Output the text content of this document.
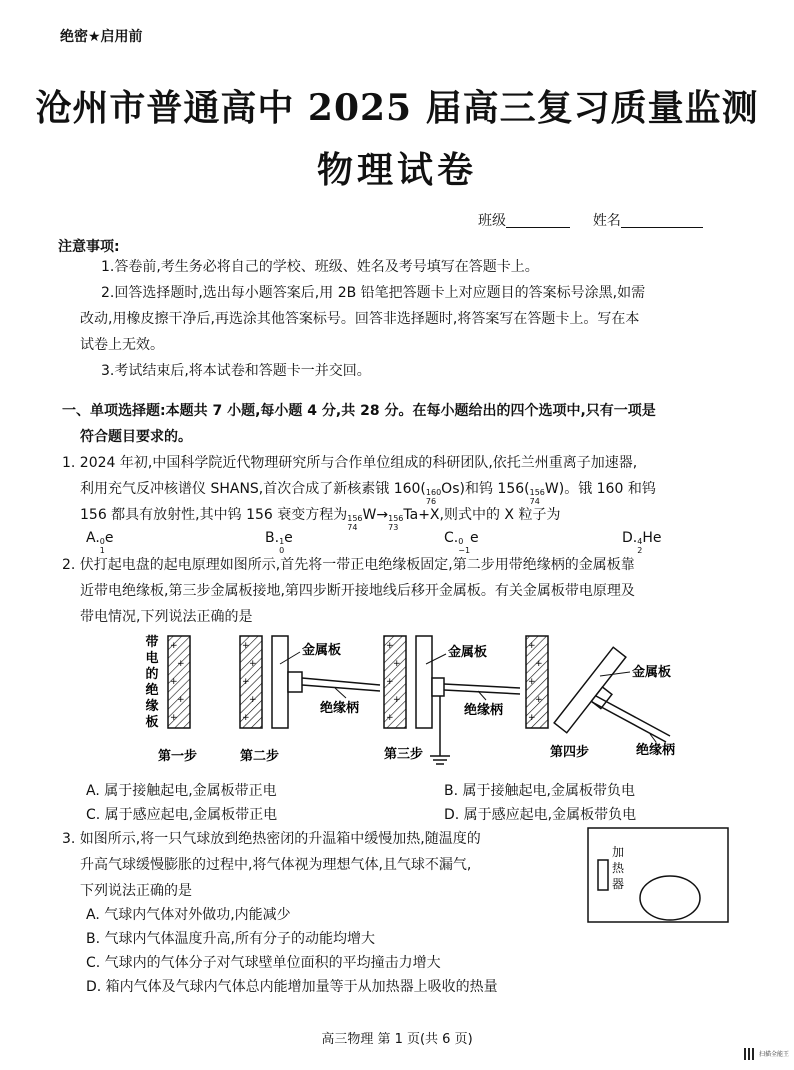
绝密★启用前
沧州市普通高中 2025 届高三复习质量监测
物理试卷
班级	姓名
注意事项:
1.答卷前,考生务必将自己的学校、班级、姓名及考号填写在答题卡上。
2.回答选择题时,选出每小题答案后,用 2B 铅笔把答题卡上对应题目的答案标号涂黑,如需
改动,用橡皮擦干净后,再选涂其他答案标号。回答非选择题时,将答案写在答题卡上。写在本
试卷上无效。
3.考试结束后,将本试卷和答题卡一并交回。
一、单项选择题:本题共 7 小题,每小题 4 分,共 28 分。在每小题给出的四个选项中,只有一项是
符合题目要求的。
1. 2024 年初,中国科学院近代物理研究所与合作单位组成的科研团队,依托兰州重离子加速器,
利用充气反冲核谱仪 SHANS,首次合成了新核素锇 160( 160
76
Os)和钨 156( 156
74
W)。锇 160 和钨
156 都具有放射性,其中钨 156 衰变方程为 156
74
W→ 156
73
Ta+X,则式中的 X 粒子为
A. 0
1
e	B. 1
0
e	C. 0
−1
e	D. 4
2
He
2. 伏打起电盘的起电原理如图所示,首先将一带正电绝缘板固定,第二步用带绝缘柄的金属板靠
近带电绝缘板,第三步金属板接地,第四步断开接地线后移开金属板。有关金属板带电原理及
带电情况,下列说法正确的是
带
电
的
绝
缘
板
+
+
+
+
+
+
+
+
+
+
金属板
绝缘柄
+
+
+
+
+
金属板
绝缘柄
+
+
+
+
+
金属板
绝缘柄
第一步	第二步	第三步	第四步
A. 属于接触起电,金属板带正电	B. 属于接触起电,金属板带负电
C. 属于感应起电,金属板带正电	D. 属于感应起电,金属板带负电
3. 如图所示,将一只气球放到绝热密闭的升温箱中缓慢加热,随温度的
升高气球缓慢膨胀的过程中,将气体视为理想气体,且气球不漏气,
下列说法正确的是
加
热
器
A. 气球内气体对外做功,内能减少
B. 气球内气体温度升高,所有分子的动能均增大
C. 气球内的气体分子对气球壁单位面积的平均撞击力增大
D. 箱内气体及气球内气体总内能增加量等于从加热器上吸收的热量
高三物理 第 1 页(共 6 页)
扫描全能王
